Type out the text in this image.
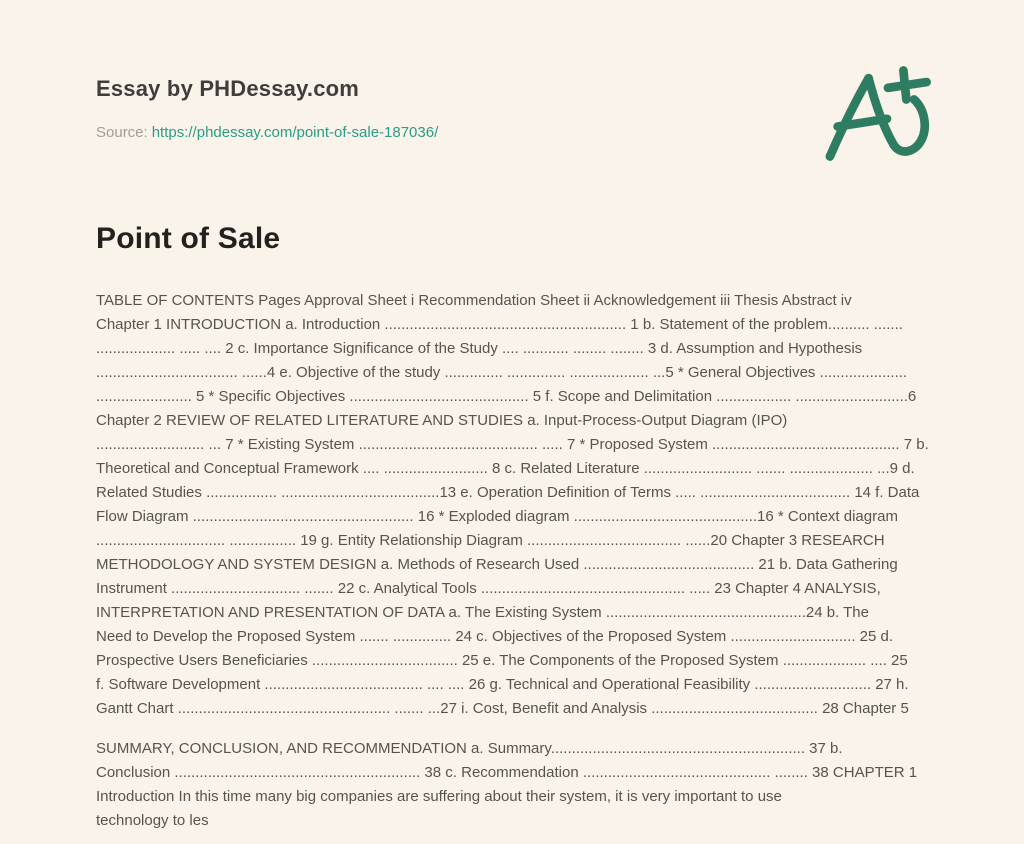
Essay by PHDessay.com
Source: https://phdessay.com/point-of-sale-187036/
Point of Sale
TABLE OF CONTENTS Pages Approval Sheet i Recommendation Sheet ii Acknowledgement iii Thesis Abstract iv
Chapter 1 INTRODUCTION a. Introduction .......................................................... 1 b. Statement of the problem.......... .......
................... ..... .... 2 c. Importance Significance of the Study .... ........... ........ ........ 3 d. Assumption and Hypothesis
.................................. ......4 e. Objective of the study .............. .............. ................... ...5 * General Objectives .....................
....................... 5 * Specific Objectives ........................................... 5 f. Scope and Delimitation .................. ...........................6
Chapter 2 REVIEW OF RELATED LITERATURE AND STUDIES a. Input-Process-Output Diagram (IPO)
.......................... ... 7 * Existing System ........................................... ..... 7 * Proposed System ............................................. 7 b.
Theoretical and Conceptual Framework .... ......................... 8 c. Related Literature .......................... ....... .................... ...9 d.
Related Studies ................. ......................................13 e. Operation Definition of Terms ..... .................................... 14 f. Data
Flow Diagram ..................................................... 16 * Exploded diagram ............................................16 * Context diagram
............................... ................ 19 g. Entity Relationship Diagram ..................................... ......20 Chapter 3 RESEARCH
METHODOLOGY AND SYSTEM DESIGN a. Methods of Research Used ......................................... 21 b. Data Gathering
Instrument ............................... ....... 22 c. Analytical Tools ................................................. ..... 23 Chapter 4 ANALYSIS,
INTERPRETATION AND PRESENTATION OF DATA a. The Existing System ................................................24 b. The
Need to Develop the Proposed System ....... .............. 24 c. Objectives of the Proposed System .............................. 25 d.
Prospective Users Beneficiaries ................................... 25 e. The Components of the Proposed System .................... .... 25
f. Software Development ...................................... .... .... 26 g. Technical and Operational Feasibility ............................ 27 h.
Gantt Chart ................................................... ....... ...27 i. Cost, Benefit and Analysis ........................................ 28 Chapter 5
SUMMARY, CONCLUSION, AND RECOMMENDATION a. Summary............................................................. 37 b.
Conclusion ........................................................... 38 c. Recommendation ............................................. ........ 38 CHAPTER 1
Introduction In this time many big companies are suffering about their system, it is very important to use
technology to les
